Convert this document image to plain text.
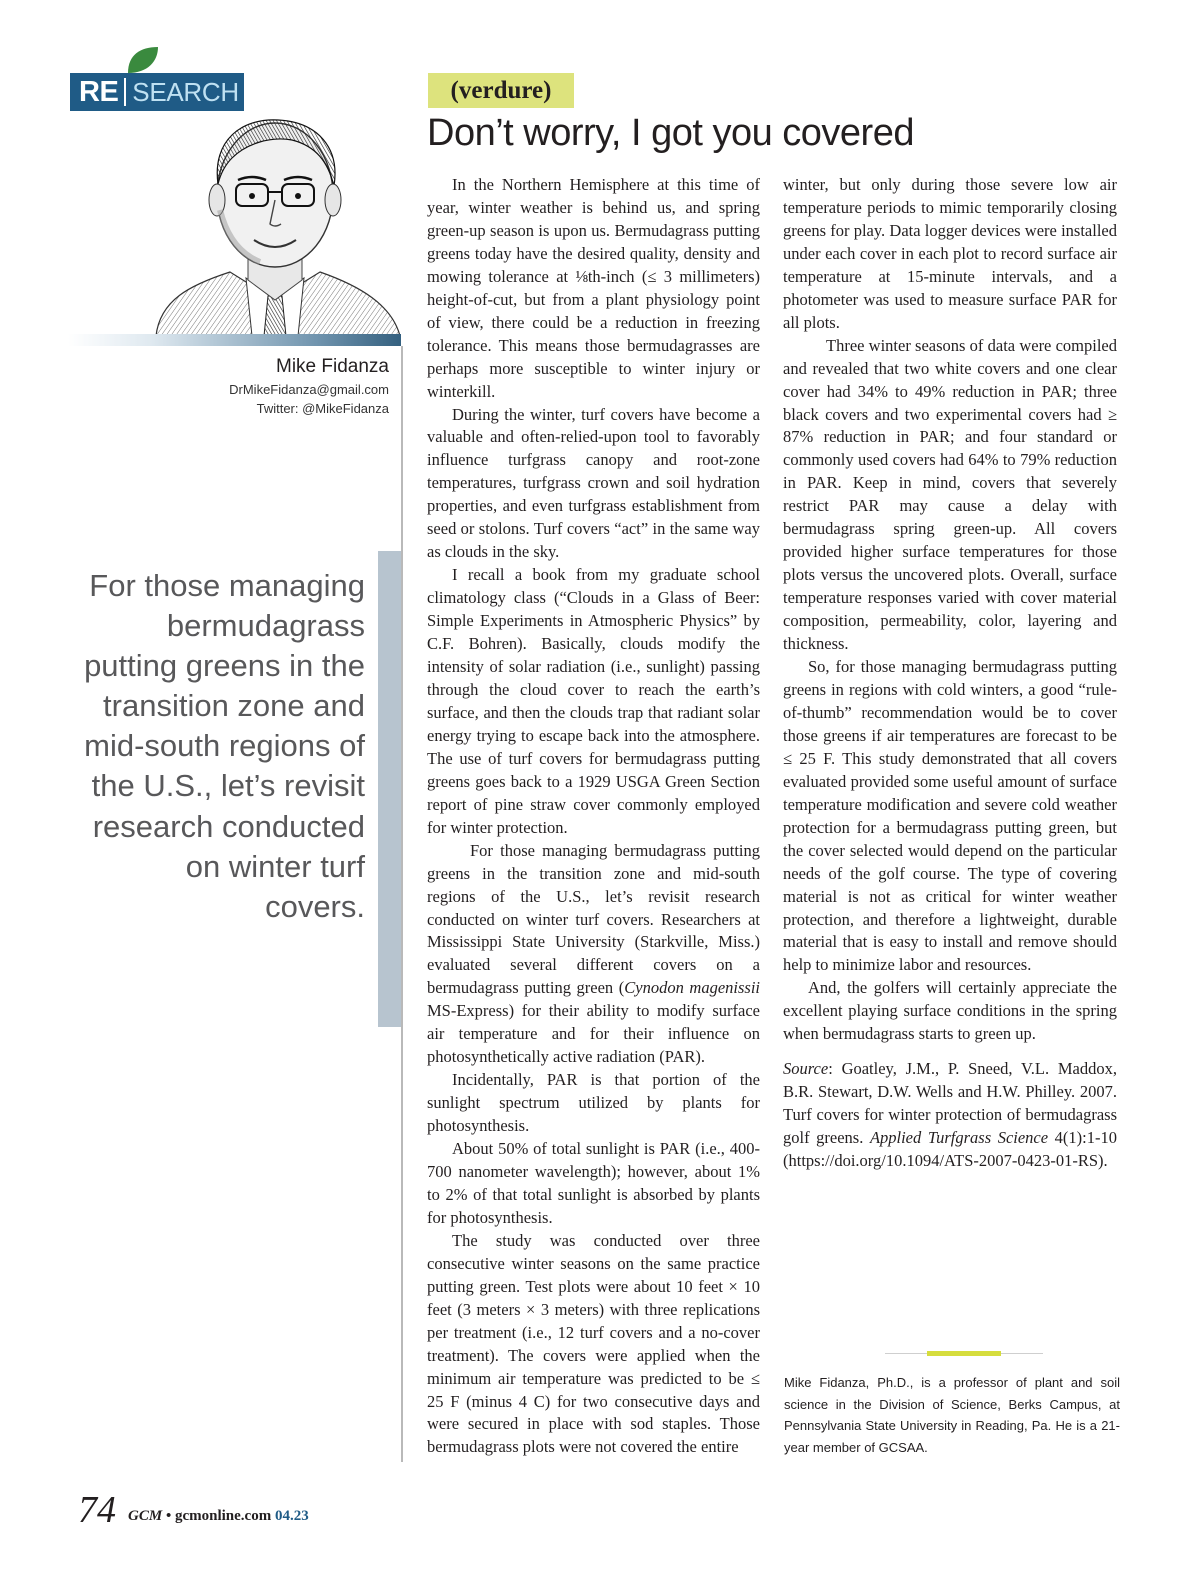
RE SEARCH
Mike Fidanza
DrMikeFidanza@gmail.com
Twitter: @MikeFidanza
For those managing bermudagrass putting greens in the transition zone and mid-south regions of the U.S., let’s revisit research conducted on winter turf covers.
(verdure)
Don’t worry, I got you covered

In the Northern Hemisphere at this time of year, winter weather is behind us, and spring green-up season is upon us. Bermudagrass putting greens today have the desired quality, density and mowing tolerance at ⅛th-inch (≤ 3 millimeters) height-of-cut, but from a plant physiology point of view, there could be a reduction in freezing tolerance. This means those bermudagrasses are perhaps more susceptible to winter injury or winterkill.

During the winter, turf covers have become a valuable and often-relied-upon tool to favorably influence turfgrass canopy and root-zone temperatures, turfgrass crown and soil hydration properties, and even turfgrass establishment from seed or stolons. Turf covers “act” in the same way as clouds in the sky.

I recall a book from my graduate school climatology class (“Clouds in a Glass of Beer: Simple Experiments in Atmospheric Physics” by C.F. Bohren). Basically, clouds modify the intensity of solar radiation (i.e., sunlight) passing through the cloud cover to reach the earth’s surface, and then the clouds trap that radiant solar energy trying to escape back into the atmosphere. The use of turf covers for bermudagrass putting greens goes back to a 1929 USGA Green Section report of pine straw cover commonly employed for winter protection.

For those managing bermudagrass putting greens in the transition zone and mid-south regions of the U.S., let’s revisit research conducted on winter turf covers. Researchers at Mississippi State University (Starkville, Miss.) evaluated several different covers on a bermudagrass putting green (Cynodon magenissii MS-Express) for their ability to modify surface air temperature and for their influence on photosynthetically active radiation (PAR).

Incidentally, PAR is that portion of the sunlight spectrum utilized by plants for photosynthesis.

About 50% of total sunlight is PAR (i.e., 400-700 nanometer wavelength); however, about 1% to 2% of that total sunlight is absorbed by plants for photosynthesis.

The study was conducted over three consecutive winter seasons on the same practice putting green. Test plots were about 10 feet × 10 feet (3 meters × 3 meters) with three replications per treatment (i.e., 12 turf covers and a no-cover treatment). The covers were applied when the minimum air temperature was predicted to be ≤ 25 F (minus 4 C) for two consecutive days and were secured in place with sod staples. Those bermudagrass plots were not covered the entire

winter, but only during those severe low air temperature periods to mimic temporarily closing greens for play. Data logger devices were installed under each cover in each plot to record surface air temperature at 15-minute intervals, and a photometer was used to measure surface PAR for all plots.

Three winter seasons of data were compiled and revealed that two white covers and one clear cover had 34% to 49% reduction in PAR; three black covers and two experimental covers had ≥ 87% reduction in PAR; and four standard or commonly used covers had 64% to 79% reduction in PAR. Keep in mind, covers that severely restrict PAR may cause a delay with bermudagrass spring green-up. All covers provided higher surface temperatures for those plots versus the uncovered plots. Overall, surface temperature responses varied with cover material composition, permeability, color, layering and thickness.

So, for those managing bermudagrass putting greens in regions with cold winters, a good “rule-of-thumb” recommendation would be to cover those greens if air temperatures are forecast to be ≤ 25 F. This study demonstrated that all covers evaluated provided some useful amount of surface temperature modification and severe cold weather protection for a bermudagrass putting green, but the cover selected would depend on the particular needs of the golf course. The type of covering material is not as critical for winter weather protection, and therefore a lightweight, durable material that is easy to install and remove should help to minimize labor and resources.

And, the golfers will certainly appreciate the excellent playing surface conditions in the spring when bermudagrass starts to green up.

Source: Goatley, J.M., P. Sneed, V.L. Maddox, B.R. Stewart, D.W. Wells and H.W. Philley. 2007. Turf covers for winter protection of bermudagrass golf greens. Applied Turfgrass Science 4(1):1-10 (https://doi.org/10.1094/ATS-2007-0423-01-RS).

Mike Fidanza, Ph.D., is a professor of plant and soil science in the Division of Science, Berks Campus, at Pennsylvania State University in Reading, Pa. He is a 21-year member of GCSAA.
74 GCM • gcmonline.com 04.23
